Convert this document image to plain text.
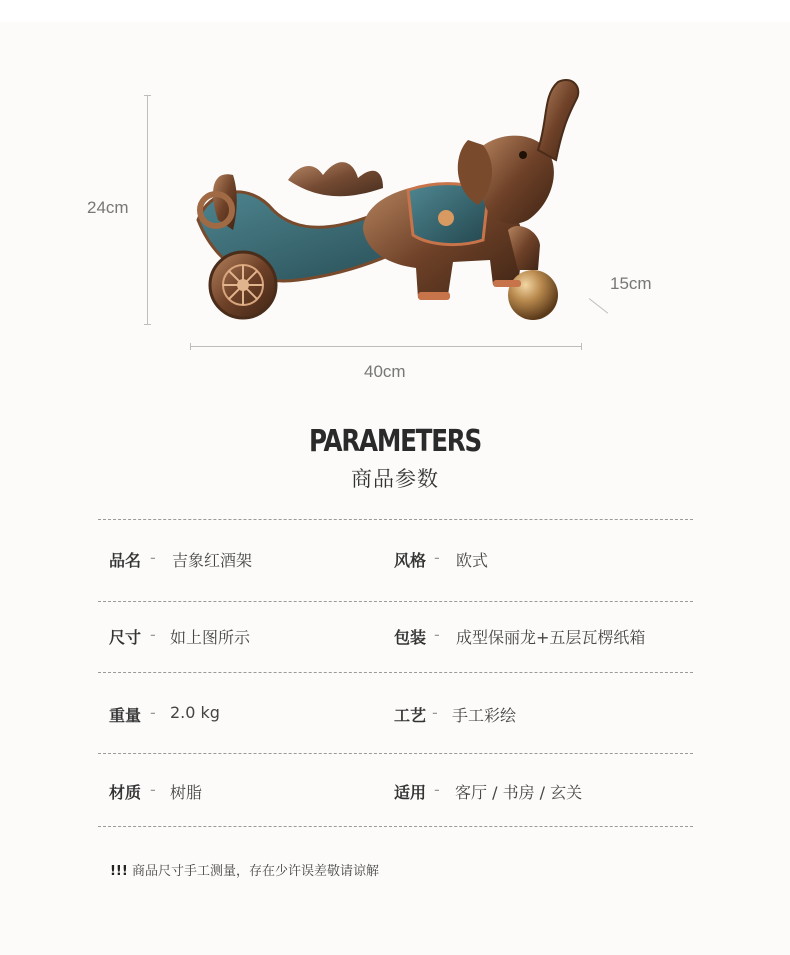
24cm
40cm
15cm
PARAMETERS
商品参数
品名 - 吉象红酒架	风格 - 欧式
尺寸 - 如上图所示	包装 - 成型保丽龙+五层瓦楞纸箱
重量 - 2.0 kg	工艺 - 手工彩绘
材质 - 树脂	适用 - 客厅 / 书房 / 玄关
!!! 商品尺寸手工测量，存在少许误差敬请谅解
